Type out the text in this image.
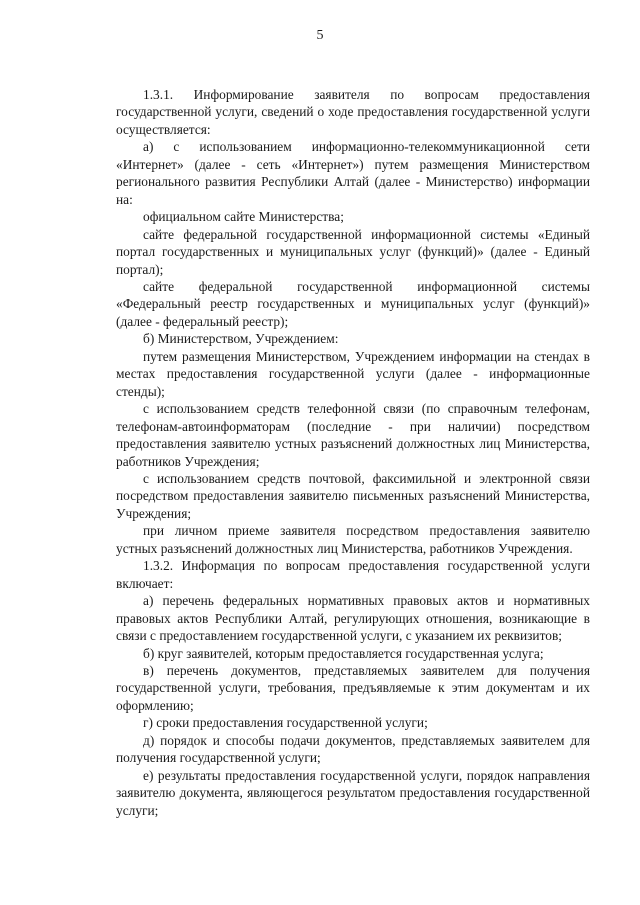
5

1.3.1. Информирование заявителя по вопросам предоставления государственной услуги, сведений о ходе предоставления государственной услуги осуществляется:

а) с использованием информационно-телекоммуникационной сети «Интернет» (далее - сеть «Интернет») путем размещения Министерством регионального развития Республики Алтай (далее - Министерство) информации на:

официальном сайте Министерства;

сайте федеральной государственной информационной системы «Единый портал государственных и муниципальных услуг (функций)» (далее - Единый портал);

сайте федеральной государственной информационной системы «Федеральный реестр государственных и муниципальных услуг (функций)» (далее - федеральный реестр);

б) Министерством, Учреждением:

путем размещения Министерством, Учреждением информации на стендах в местах предоставления государственной услуги (далее - информационные стенды);

с использованием средств телефонной связи (по справочным телефонам, телефонам-автоинформаторам (последние - при наличии) посредством предоставления заявителю устных разъяснений должностных лиц Министерства, работников Учреждения;

с использованием средств почтовой, факсимильной и электронной связи посредством предоставления заявителю письменных разъяснений Министерства, Учреждения;

при личном приеме заявителя посредством предоставления заявителю устных разъяснений должностных лиц Министерства, работников Учреждения.

1.3.2. Информация по вопросам предоставления государственной услуги включает:

а) перечень федеральных нормативных правовых актов и нормативных правовых актов Республики Алтай, регулирующих отношения, возникающие в связи с предоставлением государственной услуги, с указанием их реквизитов;

б) круг заявителей, которым предоставляется государственная услуга;

в) перечень документов, представляемых заявителем для получения государственной услуги, требования, предъявляемые к этим документам и их оформлению;

г) сроки предоставления государственной услуги;

д) порядок и способы подачи документов, представляемых заявителем для получения государственной услуги;

е) результаты предоставления государственной услуги, порядок направления заявителю документа, являющегося результатом предоставления государственной услуги;
